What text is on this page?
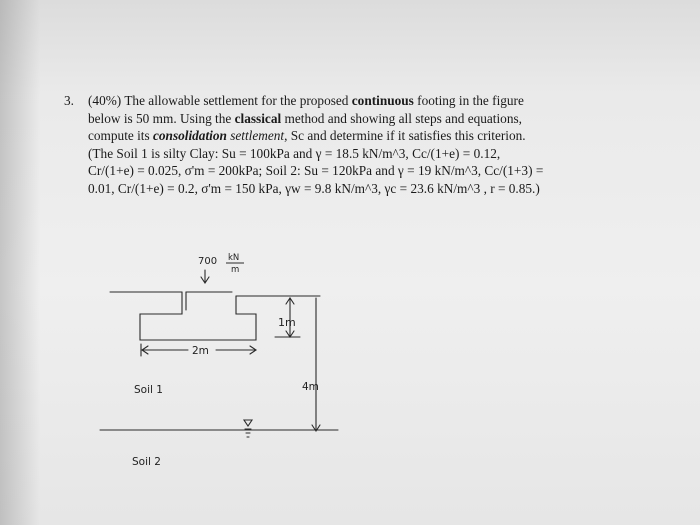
3. (40%) The allowable settlement for the proposed continuous footing in the figure
below is 50 mm. Using the classical method and showing all steps and equations,
compute its consolidation settlement, Sc and determine if it satisfies this criterion.
(The Soil 1 is silty Clay: Su = 100kPa and γ = 18.5 kN/m^3, Cc/(1+e) = 0.12,
Cr/(1+e) = 0.025, σ'm = 200kPa; Soil 2: Su = 120kPa and γ = 19 kN/m^3, Cc/(1+3) =
0.01, Cr/(1+e) = 0.2, σ'm = 150 kPa, γw = 9.8 kN/m^3, γc = 23.6 kN/m^3 , r = 0.85.)
700 kN
m
1m
2m
4m
Soil 1
Soil 2
